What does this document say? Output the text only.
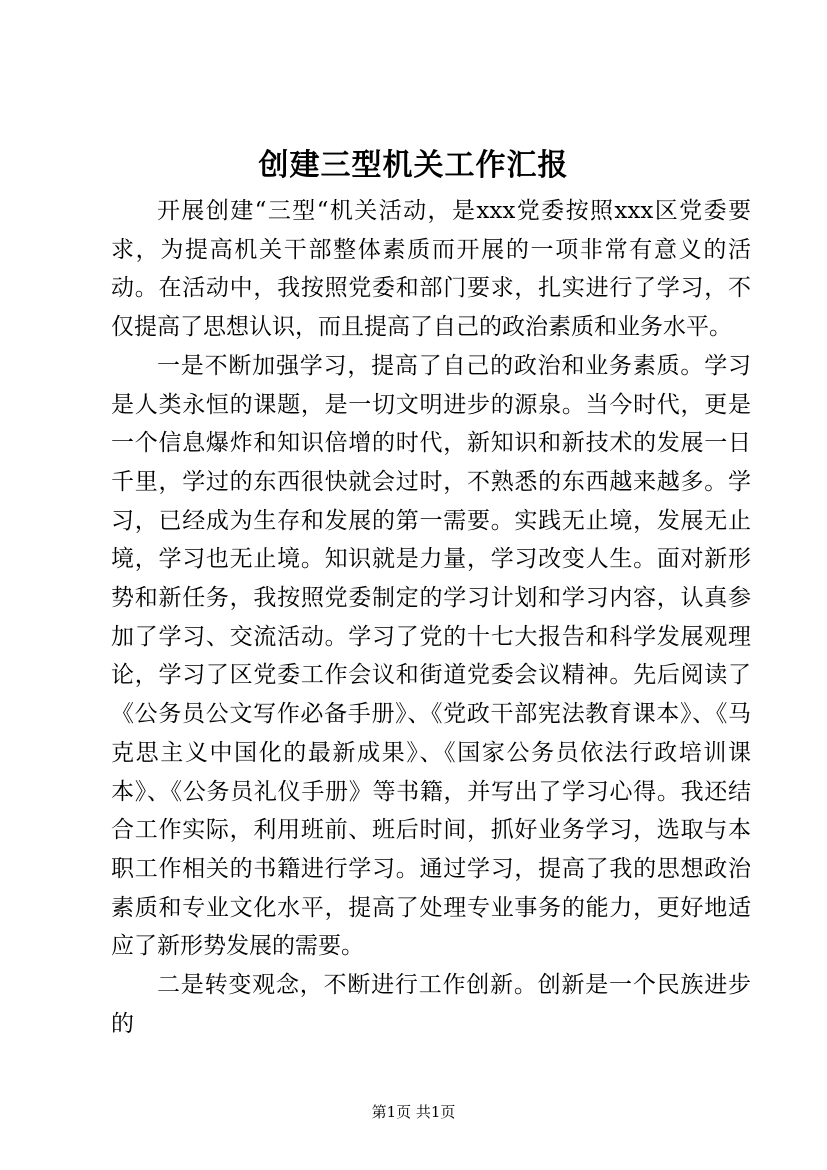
创建三型机关工作汇报

开展创建“三型“机关活动，是xxx党委按照xxx区党委要求，为提高机关干部整体素质而开展的一项非常有意义的活动。在活动中，我按照党委和部门要求，扎实进行了学习，不仅提高了思想认识，而且提高了自己的政治素质和业务水平。

一是不断加强学习，提高了自己的政治和业务素质。学习是人类永恒的课题，是一切文明进步的源泉。当今时代，更是一个信息爆炸和知识倍增的时代，新知识和新技术的发展一日千里，学过的东西很快就会过时，不熟悉的东西越来越多。学习，已经成为生存和发展的第一需要。实践无止境，发展无止境，学习也无止境。知识就是力量，学习改变人生。面对新形势和新任务，我按照党委制定的学习计划和学习内容，认真参加了学习、交流活动。学习了党的十七大报告和科学发展观理论，学习了区党委工作会议和街道党委会议精神。先后阅读了《公务员公文写作必备手册》、《党政干部宪法教育课本》、《马克思主义中国化的最新成果》、《国家公务员依法行政培训课本》、《公务员礼仪手册》等书籍，并写出了学习心得。我还结合工作实际，利用班前、班后时间，抓好业务学习，选取与本职工作相关的书籍进行学习。通过学习，提高了我的思想政治素质和专业文化水平，提高了处理专业事务的能力，更好地适应了新形势发展的需要。

二是转变观念，不断进行工作创新。创新是一个民族进步的

第1页 共1页
